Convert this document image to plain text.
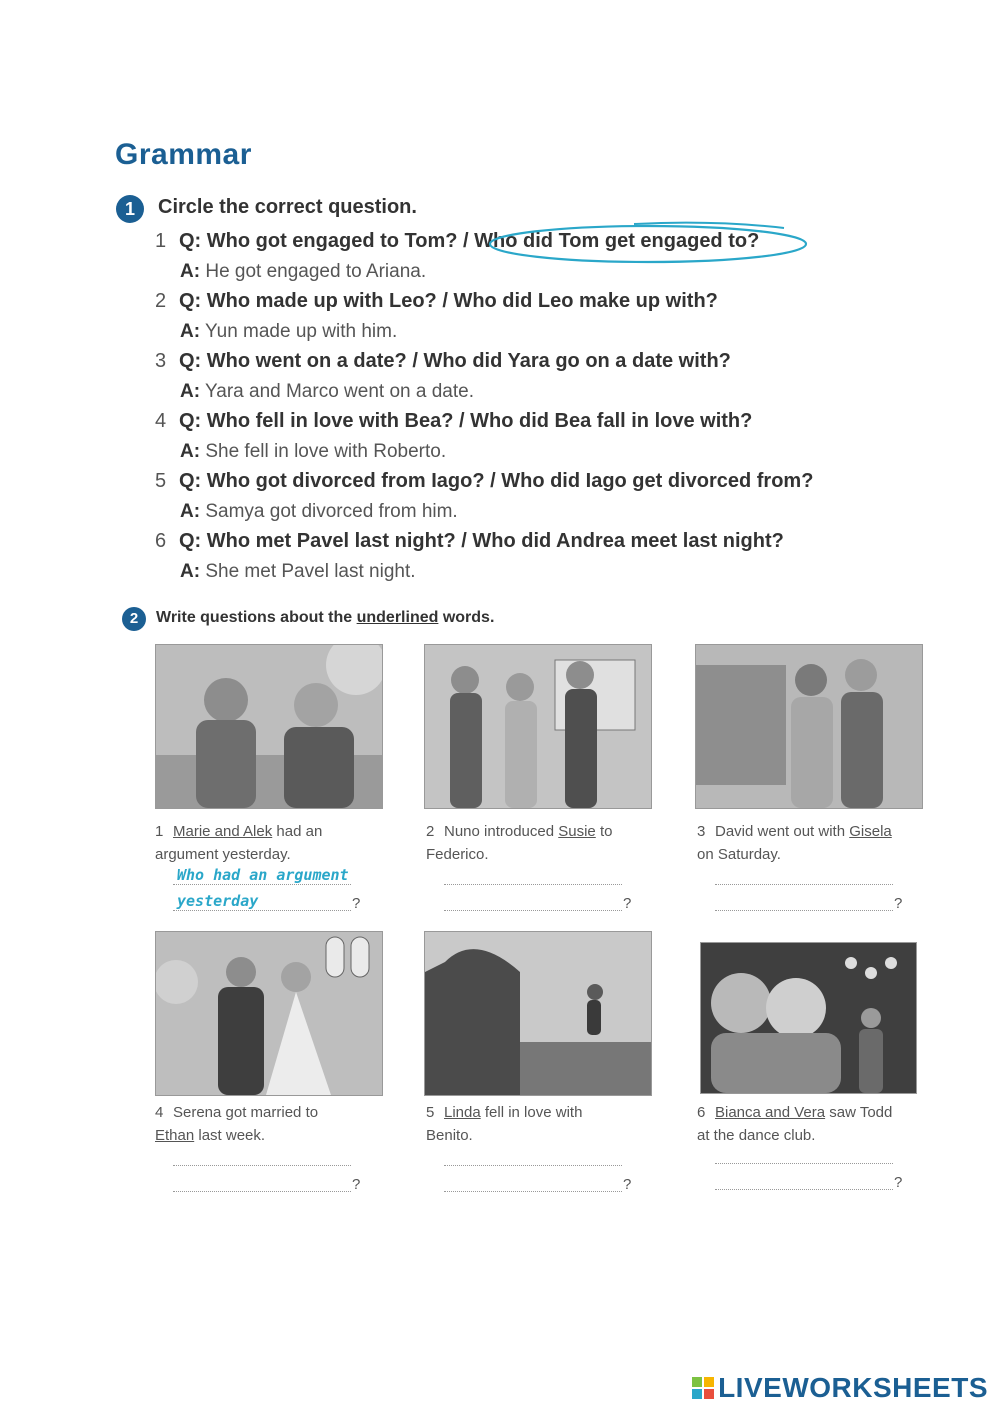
Grammar
1	Circle the correct question.
1 Q: Who got engaged to Tom? / Who did Tom get engaged to?
A: He got engaged to Ariana.
2 Q: Who made up with Leo? / Who did Leo make up with?
A: Yun made up with him.
3 Q: Who went on a date? / Who did Yara go on a date with?
A: Yara and Marco went on a date.
4 Q: Who fell in love with Bea? / Who did Bea fall in love with?
A: She fell in love with Roberto.
5 Q: Who got divorced from Iago? / Who did Iago get divorced from?
A: Samya got divorced from him.
6 Q: Who met Pavel last night? / Who did Andrea meet last night?
A: She met Pavel last night.
2	Write questions about the underlined words.
1 Marie and Alek had an argument yesterday.
Who had an argument
yesterday	?
2 Nuno introduced Susie to Federico.
?
3 David went out with Gisela on Saturday.
?
4 Serena got married to Ethan last week.
?
5 Linda fell in love with Benito.
?
6 Bianca and Vera saw Todd at the dance club.
?
LIVEWORKSHEETS
